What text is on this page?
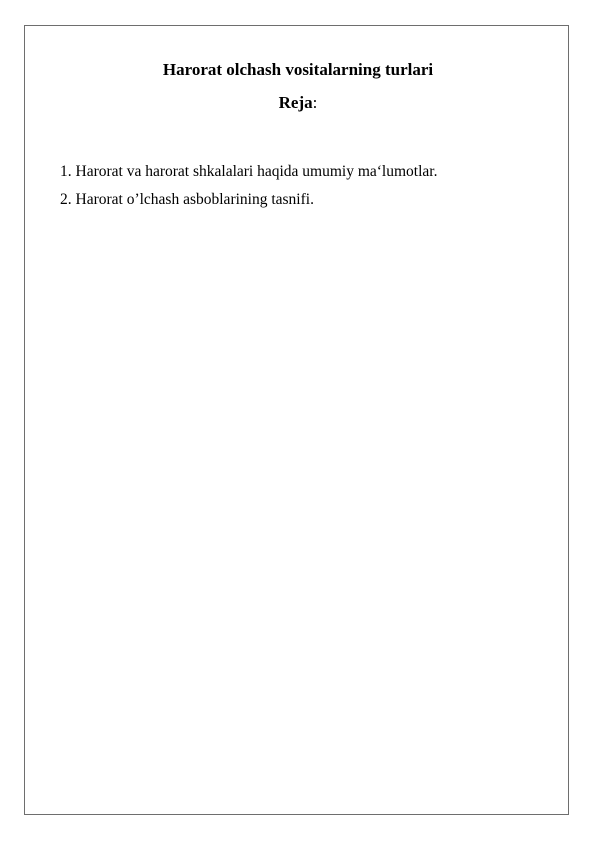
Harorat olchash vositalarning turlari

Reja:

1. Harorat va harorat shkalalari haqida umumiy ma‘lumotlar.
2. Harorat o’lchash asboblarining tasnifi.
